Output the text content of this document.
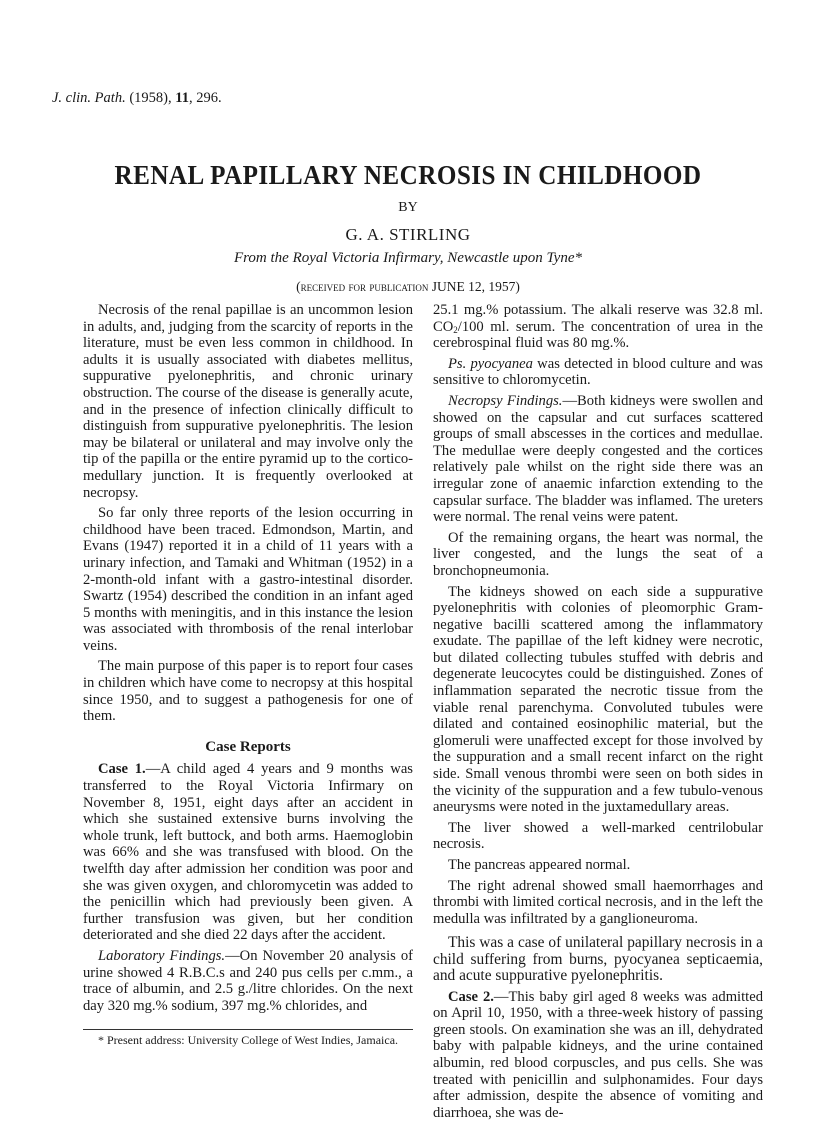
J. clin. Path. (1958), 11, 296.
RENAL PAPILLARY NECROSIS IN CHILDHOOD
BY
G. A. STIRLING
From the Royal Victoria Infirmary, Newcastle upon Tyne*
(received for publication JUNE 12, 1957)

Necrosis of the renal papillae is an uncommon lesion in adults, and, judging from the scarcity of reports in the literature, must be even less common in childhood. In adults it is usually associated with diabetes mellitus, suppurative pyelonephritis, and chronic urinary obstruction. The course of the disease is generally acute, and in the presence of infection clinically difficult to distinguish from suppurative pyelonephritis. The lesion may be bilateral or unilateral and may involve only the tip of the papilla or the entire pyramid up to the cortico-medullary junction. It is frequently overlooked at necropsy.

So far only three reports of the lesion occurring in childhood have been traced. Edmondson, Martin, and Evans (1947) reported it in a child of 11 years with a urinary infection, and Tamaki and Whitman (1952) in a 2-month-old infant with a gastro-intestinal disorder. Swartz (1954) described the condition in an infant aged 5 months with meningitis, and in this instance the lesion was associated with thrombosis of the renal interlobar veins.

The main purpose of this paper is to report four cases in children which have come to necropsy at this hospital since 1950, and to suggest a pathogenesis for one of them.

Case Reports

Case 1.—A child aged 4 years and 9 months was transferred to the Royal Victoria Infirmary on November 8, 1951, eight days after an accident in which she sustained extensive burns involving the whole trunk, left buttock, and both arms. Haemoglobin was 66% and she was transfused with blood. On the twelfth day after admission her condition was poor and she was given oxygen, and chloromycetin was added to the penicillin which had previously been given. A further transfusion was given, but her condition deteriorated and she died 22 days after the accident.

Laboratory Findings.—On November 20 analysis of urine showed 4 R.B.C.s and 240 pus cells per c.mm., a trace of albumin, and 2.5 g./litre chlorides. On the next day 320 mg.% sodium, 397 mg.% chlorides, and

* Present address: University College of West Indies, Jamaica.

25.1 mg.% potassium. The alkali reserve was 32.8 ml. $CO_2/100$ ml. serum. The concentration of urea in the cerebrospinal fluid was 80 mg.%.

Ps. pyocyanea was detected in blood culture and was sensitive to chloromycetin.

Necropsy Findings.—Both kidneys were swollen and showed on the capsular and cut surfaces scattered groups of small abscesses in the cortices and medullae. The medullae were deeply congested and the cortices relatively pale whilst on the right side there was an irregular zone of anaemic infarction extending to the capsular surface. The bladder was inflamed. The ureters were normal. The renal veins were patent.

Of the remaining organs, the heart was normal, the liver congested, and the lungs the seat of a bronchopneumonia.

The kidneys showed on each side a suppurative pyelonephritis with colonies of pleomorphic Gram-negative bacilli scattered among the inflammatory exudate. The papillae of the left kidney were necrotic, but dilated collecting tubules stuffed with debris and degenerate leucocytes could be distinguished. Zones of inflammation separated the necrotic tissue from the viable renal parenchyma. Convoluted tubules were dilated and contained eosinophilic material, but the glomeruli were unaffected except for those involved by the suppuration and a small recent infarct on the right side. Small venous thrombi were seen on both sides in the vicinity of the suppuration and a few tubulo-venous aneurysms were noted in the juxtamedullary areas.

The liver showed a well-marked centrilobular necrosis.

The pancreas appeared normal.

The right adrenal showed small haemorrhages and thrombi with limited cortical necrosis, and in the left the medulla was infiltrated by a ganglioneuroma.

This was a case of unilateral papillary necrosis in a child suffering from burns, pyocyanea septicaemia, and acute suppurative pyelonephritis.

Case 2.—This baby girl aged 8 weeks was admitted on April 10, 1950, with a three-week history of passing green stools. On examination she was an ill, dehydrated baby with palpable kidneys, and the urine contained albumin, red blood corpuscles, and pus cells. She was treated with penicillin and sulphonamides. Four days after admission, despite the absence of vomiting and diarrhoea, she was de-
